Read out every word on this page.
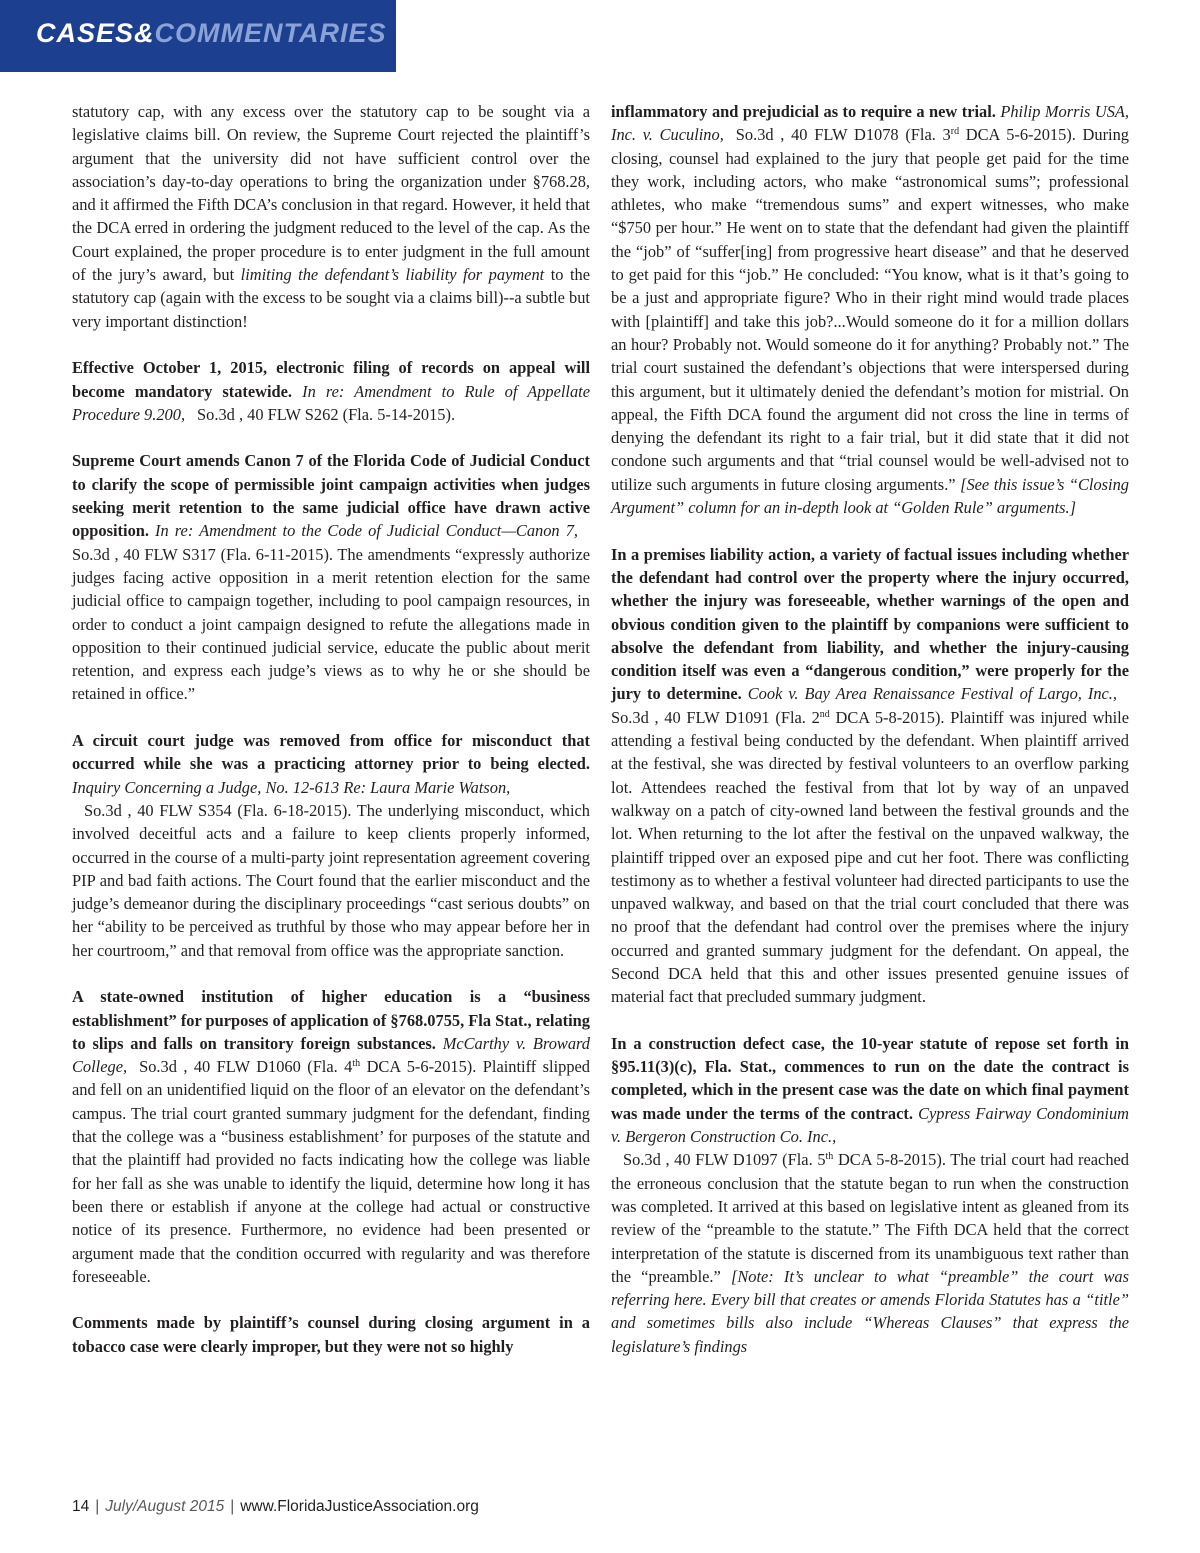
CASES&COMMENTARIES

statutory cap, with any excess over the statutory cap to be sought via a legislative claims bill. On review, the Supreme Court rejected the plaintiff’s argument that the university did not have sufficient control over the association’s day-to-day operations to bring the organization under §768.28, and it affirmed the Fifth DCA’s conclusion in that regard. However, it held that the DCA erred in ordering the judgment reduced to the level of the cap. As the Court explained, the proper procedure is to enter judgment in the full amount of the jury’s award, but limiting the defendant’s liability for payment to the statutory cap (again with the excess to be sought via a claims bill)--a subtle but very important distinction!

Effective October 1, 2015, electronic filing of records on appeal will become mandatory statewide. In re: Amendment to Rule of Appellate Procedure 9.200, So.3d , 40 FLW S262 (Fla. 5-14-2015).

Supreme Court amends Canon 7 of the Florida Code of Judicial Conduct to clarify the scope of permissible joint campaign activities when judges seeking merit retention to the same judicial office have drawn active opposition. In re: Amendment to the Code of Judicial Conduct—Canon 7,So.3d , 40 FLW S317 (Fla. 6-11-2015). The amendments “expressly authorize judges facing active opposition in a merit retention election for the same judicial office to campaign together, including to pool campaign resources, in order to conduct a joint campaign designed to refute the allegations made in opposition to their continued judicial service, educate the public about merit retention, and express each judge’s views as to why he or she should be retained in office.”

A circuit court judge was removed from office for misconduct that occurred while she was a practicing attorney prior to being elected. Inquiry Concerning a Judge, No. 12-613 Re: Laura Marie Watson,
So.3d , 40 FLW S354 (Fla. 6-18-2015). The underlying misconduct, which involved deceitful acts and a failure to keep clients properly informed, occurred in the course of a multi-party joint representation agreement covering PIP and bad faith actions. The Court found that the earlier misconduct and the judge’s demeanor during the disciplinary proceedings “cast serious doubts” on her “ability to be perceived as truthful by those who may appear before her in her courtroom,” and that removal from office was the appropriate sanction.

A state-owned institution of higher education is a “business establishment” for purposes of application of §768.0755, Fla Stat., relating to slips and falls on transitory foreign substances. McCarthy v. Broward College, So.3d , 40 FLW D1060 (Fla. 4th DCA 5-6-2015). Plaintiff slipped and fell on an unidentified liquid on the floor of an elevator on the defendant’s campus. The trial court granted summary judgment for the defendant, finding that the college was a “business establishment’ for purposes of the statute and that the plaintiff had provided no facts indicating how the college was liable for her fall as she was unable to identify the liquid, determine how long it has been there or establish if anyone at the college had actual or constructive notice of its presence. Furthermore, no evidence had been presented or argument made that the condition occurred with regularity and was therefore foreseeable.

Comments made by plaintiff’s counsel during closing argument in a tobacco case were clearly improper, but they were not so highly

inflammatory and prejudicial as to require a new trial. Philip Morris USA, Inc. v. Cuculino, So.3d , 40 FLW D1078 (Fla. 3rd DCA 5-6-2015). During closing, counsel had explained to the jury that people get paid for the time they work, including actors, who make “astronomical sums”; professional athletes, who make “tremendous sums” and expert witnesses, who make “$750 per hour.” He went on to state that the defendant had given the plaintiff the “job” of “suffer[ing] from progressive heart disease” and that he deserved to get paid for this “job.” He concluded: “You know, what is it that’s going to be a just and appropriate figure? Who in their right mind would trade places with [plaintiff] and take this job?...Would someone do it for a million dollars an hour? Probably not. Would someone do it for anything? Probably not.” The trial court sustained the defendant’s objections that were interspersed during this argument, but it ultimately denied the defendant’s motion for mistrial. On appeal, the Fifth DCA found the argument did not cross the line in terms of denying the defendant its right to a fair trial, but it did state that it did not condone such arguments and that “trial counsel would be well-advised not to utilize such arguments in future closing arguments.” [See this issue’s “Closing Argument” column for an in-depth look at “Golden Rule” arguments.]

In a premises liability action, a variety of factual issues including whether the defendant had control over the property where the injury occurred, whether the injury was foreseeable, whether warnings of the open and obvious condition given to the plaintiff by companions were sufficient to absolve the defendant from liability, and whether the injury-causing condition itself was even a “dangerous condition,” were properly for the jury to determine. Cook v. Bay Area Renaissance Festival of Largo, Inc.,So.3d , 40 FLW D1091 (Fla. 2nd DCA 5-8-2015). Plaintiff was injured while attending a festival being conducted by the defendant. When plaintiff arrived at the festival, she was directed by festival volunteers to an overflow parking lot. Attendees reached the festival from that lot by way of an unpaved walkway on a patch of city-owned land between the festival grounds and the lot. When returning to the lot after the festival on the unpaved walkway, the plaintiff tripped over an exposed pipe and cut her foot. There was conflicting testimony as to whether a festival volunteer had directed participants to use the unpaved walkway, and based on that the trial court concluded that there was no proof that the defendant had control over the premises where the injury occurred and granted summary judgment for the defendant. On appeal, the Second DCA held that this and other issues presented genuine issues of material fact that precluded summary judgment.

In a construction defect case, the 10-year statute of repose set forth in §95.11(3)(c), Fla. Stat., commences to run on the date the contract is completed, which in the present case was the date on which final payment was made under the terms of the contract. Cypress Fairway Condominium v. Bergeron Construction Co. Inc.,
So.3d , 40 FLW D1097 (Fla. 5th DCA 5-8-2015). The trial court had reached the erroneous conclusion that the statute began to run when the construction was completed. It arrived at this based on legislative intent as gleaned from its review of the “preamble to the statute.” The Fifth DCA held that the correct interpretation of the statute is discerned from its unambiguous text rather than the “preamble.” [Note: It’s unclear to what “preamble” the court was referring here. Every bill that creates or amends Florida Statutes has a “title” and sometimes bills also include “Whereas Clauses” that express the legislature’s findings

14 | July/August 2015 | www.FloridaJusticeAssociation.org
